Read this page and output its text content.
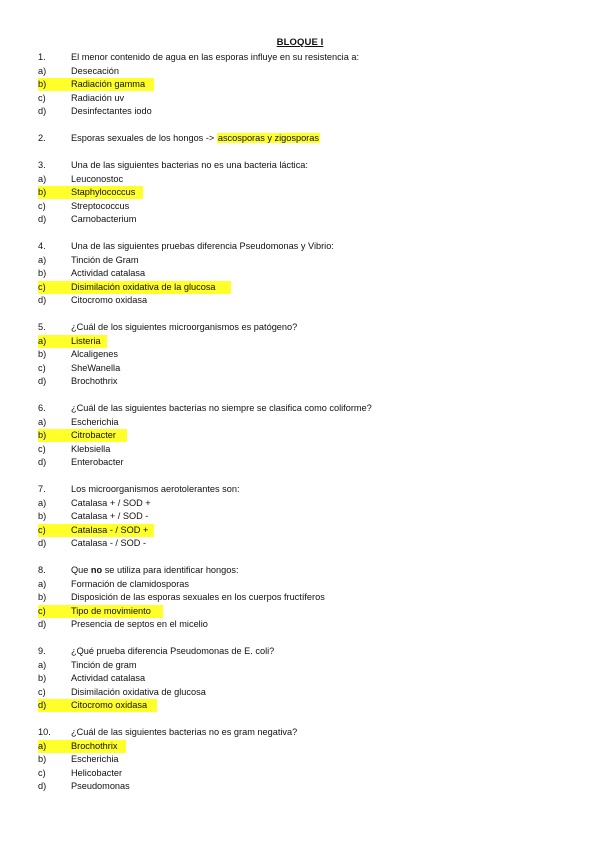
BLOQUE I
1.	El menor contenido de agua en las esporas influye en su resistencia a:
a)	Desecación
b)	Radiación gamma
c)	Radiación uv
d)	Desinfectantes iodo
2.	Esporas sexuales de los hongos -> ascosporas y zigosporas
3.	Una de las siguientes bacterias no es una bacteria láctica:
a)	Leuconostoc
b)	Staphylococcus
c)	Streptococcus
d)	Carnobacterium
4.	Una de las siguientes pruebas diferencia Pseudomonas y Vibrio:
a)	Tinción de Gram
b)	Actividad catalasa
c)	Disimilación oxidativa de la glucosa
d)	Citocromo oxidasa
5.	¿Cuál de los siguientes microorganismos es patógeno?
a)	Listeria
b)	Alcaligenes
c)	SheWanella
d)	Brochothrix
6.	¿Cuál de las siguientes bacterias no siempre se clasifica como coliforme?
a)	Escherichia
b)	Citrobacter
c)	Klebsiella
d)	Enterobacter
7.	Los microorganismos aerotolerantes son:
a)	Catalasa + / SOD +
b)	Catalasa + / SOD -
c)	Catalasa - / SOD +
d)	Catalasa - / SOD -
8.	Que no se utiliza para identificar hongos:
a)	Formación de clamidosporas
b)	Disposición de las esporas sexuales en los cuerpos fructíferos
c)	Tipo de movimiento
d)	Presencia de septos en el micelio
9.	¿Qué prueba diferencia Pseudomonas de E. coli?
a)	Tinción de gram
b)	Actividad catalasa
c)	Disimilación oxidativa de glucosa
d)	Citocromo oxidasa
10.	¿Cuál de las siguientes bacterias no es gram negativa?
a)	Brochothrix
b)	Escherichia
c)	Helicobacter
d)	Pseudomonas
